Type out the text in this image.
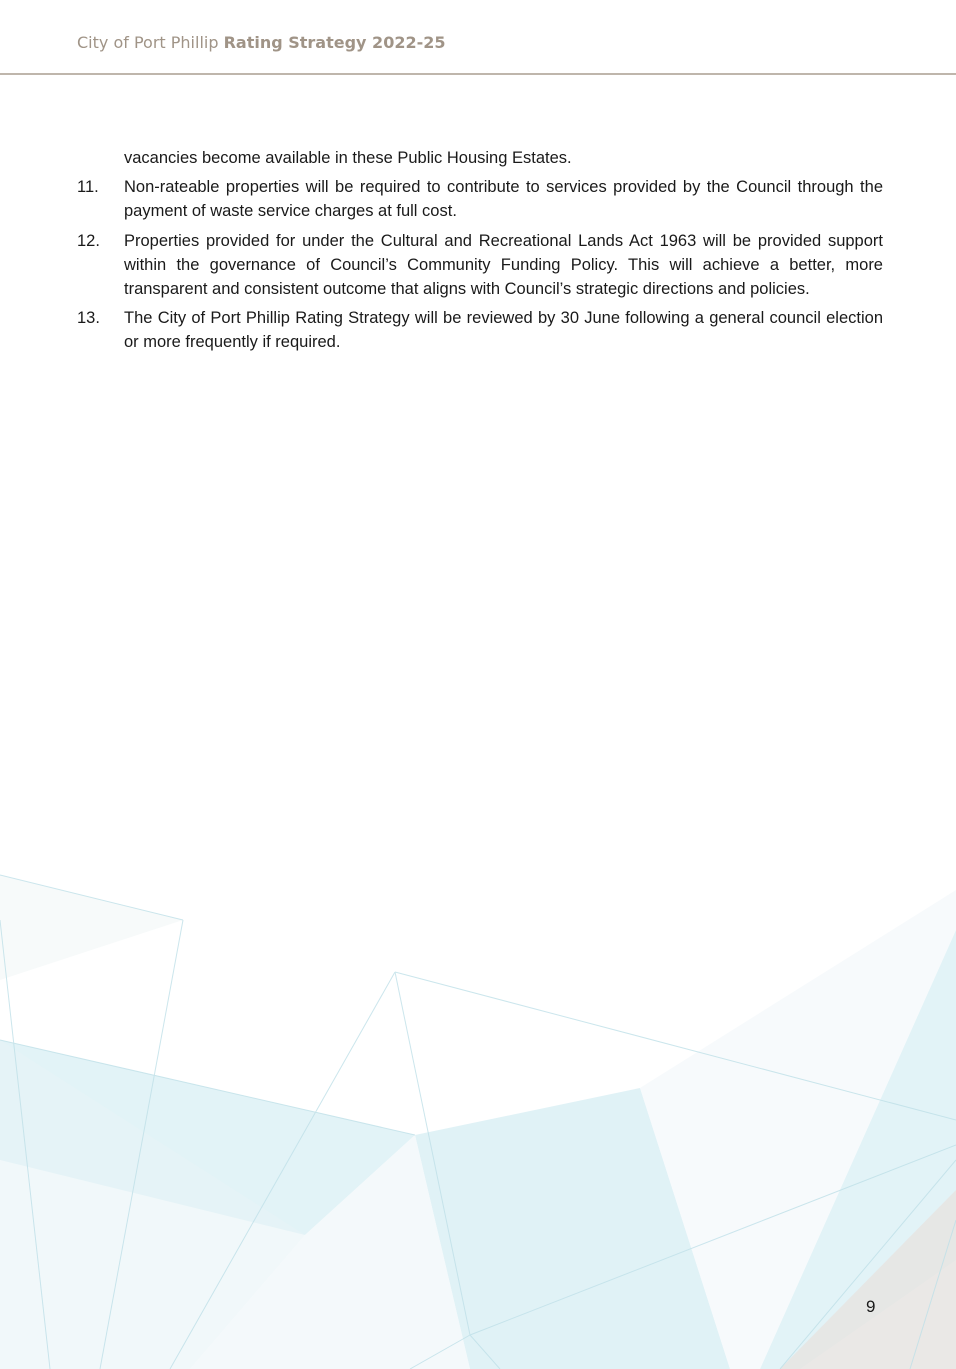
City of Port Phillip Rating Strategy 2022-25
vacancies become available in these Public Housing Estates.
11. Non-rateable properties will be required to contribute to services provided by the Council through the payment of waste service charges at full cost.
12. Properties provided for under the Cultural and Recreational Lands Act 1963 will be provided support within the governance of Council’s Community Funding Policy. This will achieve a better, more transparent and consistent outcome that aligns with Council’s strategic directions and policies.
13. The City of Port Phillip Rating Strategy will be reviewed by 30 June following a general council election or more frequently if required.
9
